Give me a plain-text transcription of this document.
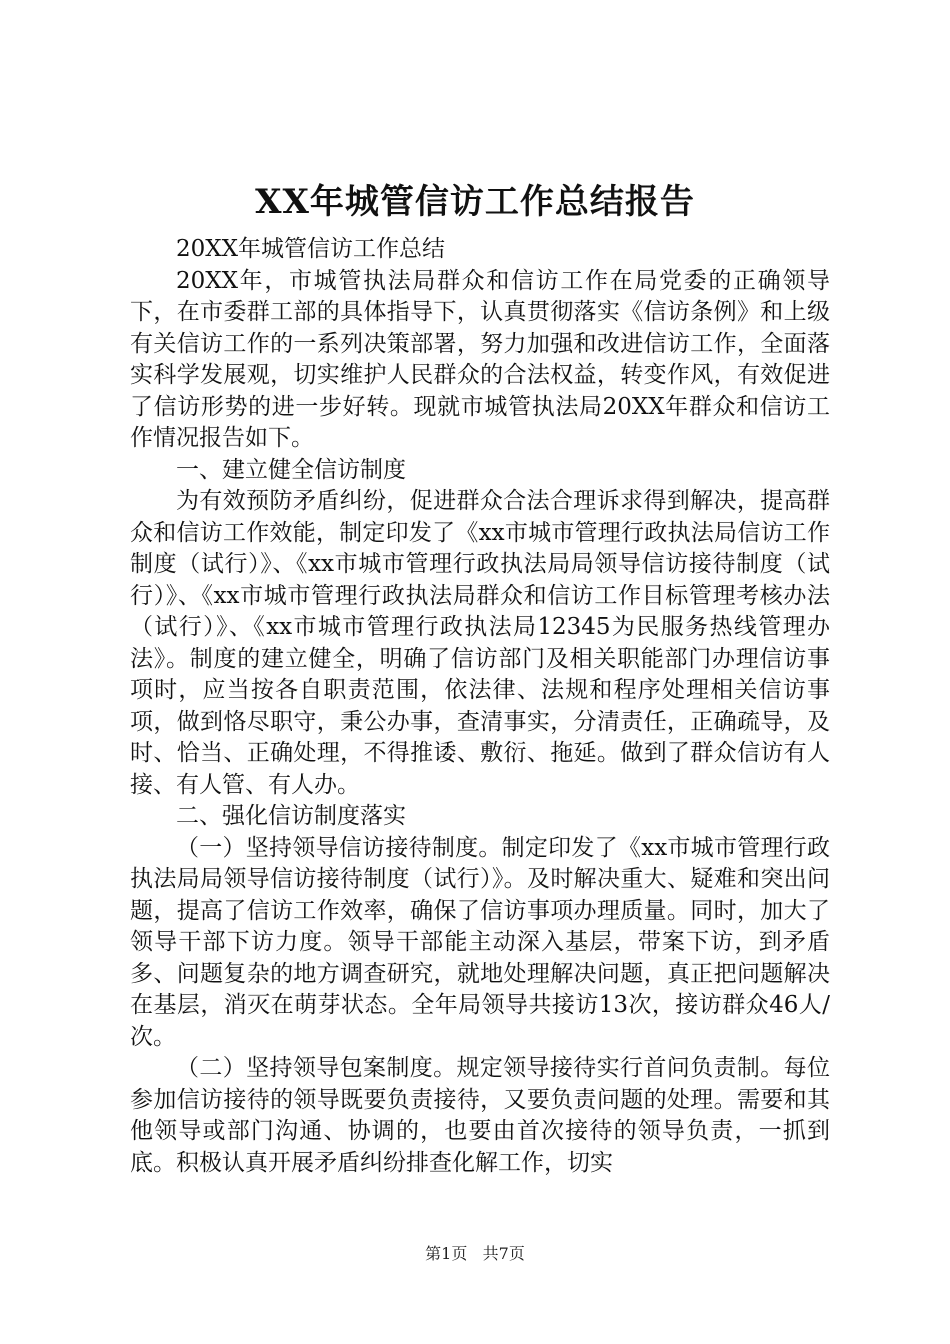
XX年城管信访工作总结报告

20XX年城管信访工作总结

20XX年，市城管执法局群众和信访工作在局党委的正确领导下，在市委群工部的具体指导下，认真贯彻落实《信访条例》和上级有关信访工作的一系列决策部署，努力加强和改进信访工作，全面落实科学发展观，切实维护人民群众的合法权益，转变作风，有效促进了信访形势的进一步好转。现就市城管执法局20XX年群众和信访工作情况报告如下。

一、建立健全信访制度

为有效预防矛盾纠纷，促进群众合法合理诉求得到解决，提高群众和信访工作效能，制定印发了《xx市城市管理行政执法局信访工作制度（试行）》、《xx市城市管理行政执法局局领导信访接待制度（试行）》、《xx市城市管理行政执法局群众和信访工作目标管理考核办法（试行）》、《xx市城市管理行政执法局12345为民服务热线管理办法》。制度的建立健全，明确了信访部门及相关职能部门办理信访事项时，应当按各自职责范围，依法律、法规和程序处理相关信访事项，做到恪尽职守，秉公办事，查清事实，分清责任，正确疏导，及时、恰当、正确处理，不得推诿、敷衍、拖延。做到了群众信访有人接、有人管、有人办。

二、强化信访制度落实

（一）坚持领导信访接待制度。制定印发了《xx市城市管理行政执法局局领导信访接待制度（试行）》。及时解决重大、疑难和突出问题，提高了信访工作效率，确保了信访事项办理质量。同时，加大了领导干部下访力度。领导干部能主动深入基层，带案下访，到矛盾多、问题复杂的地方调查研究，就地处理解决问题，真正把问题解决在基层，消灭在萌芽状态。全年局领导共接访13次，接访群众46人/次。

（二）坚持领导包案制度。规定领导接待实行首问负责制。每位参加信访接待的领导既要负责接待，又要负责问题的处理。需要和其他领导或部门沟通、协调的，也要由首次接待的领导负责，一抓到底。积极认真开展矛盾纠纷排查化解工作，切实

第1页 共7页
